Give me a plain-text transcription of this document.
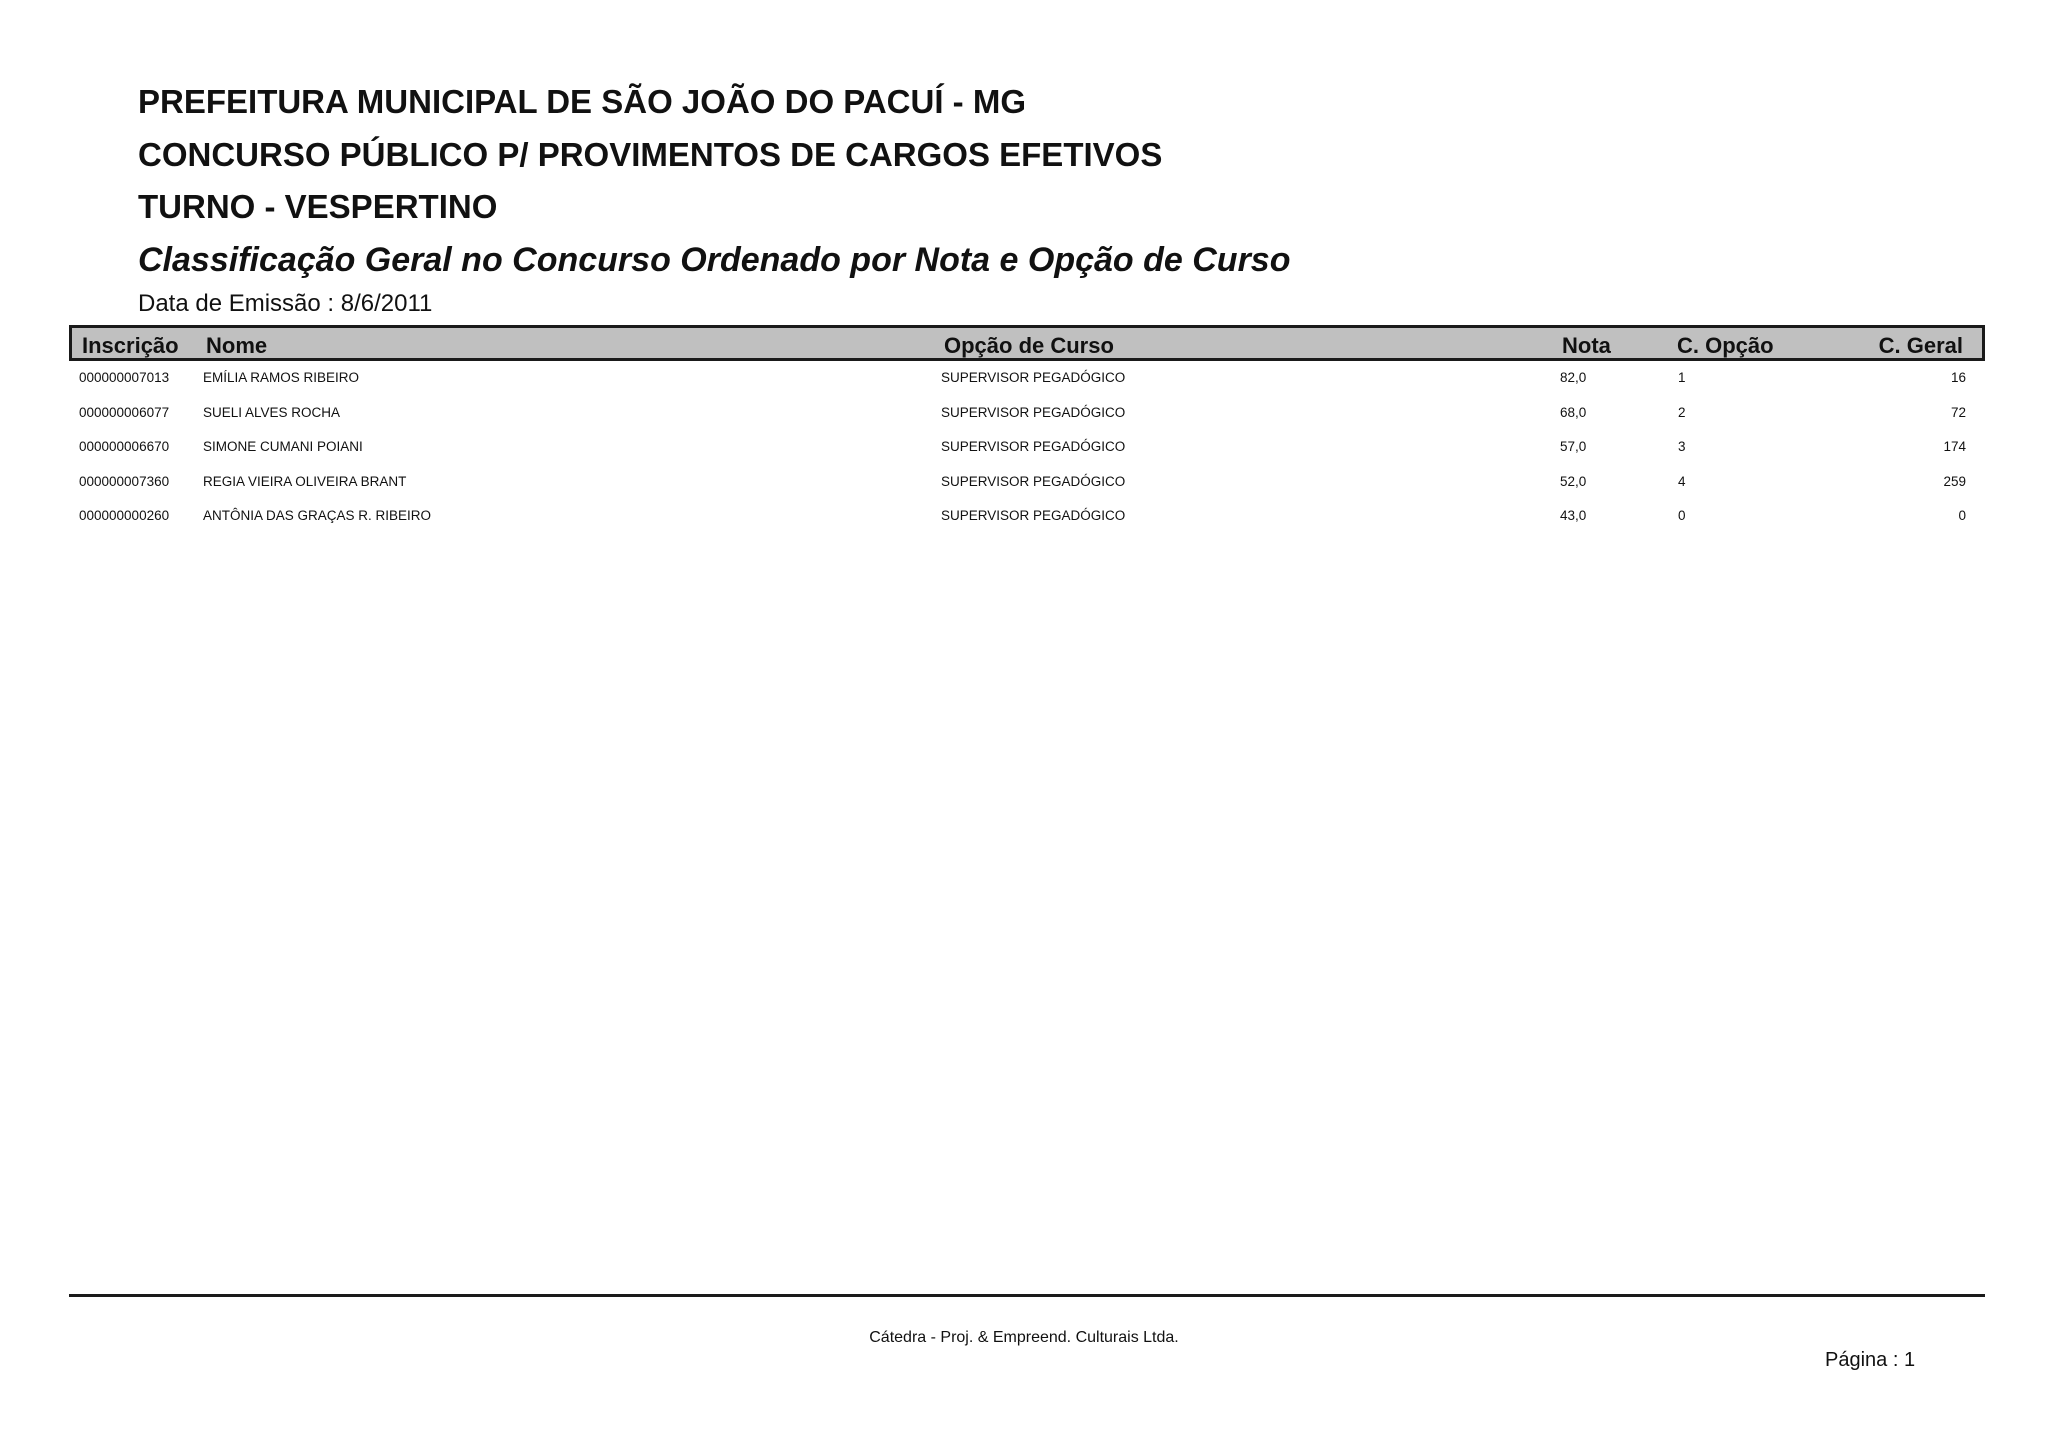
PREFEITURA MUNICIPAL DE SÃO JOÃO DO PACUÍ - MG
CONCURSO PÚBLICO P/ PROVIMENTOS DE CARGOS EFETIVOS
TURNO - VESPERTINO
Classificação Geral no Concurso Ordenado por Nota e Opção de Curso
Data de Emissão : 8/6/2011
Inscrição Nome	Opção de Curso	Nota	C. Opção	C. Geral
000000007013	EMÍLIA RAMOS RIBEIRO	SUPERVISOR PEGADÓGICO	82,0	1	16
000000006077	SUELI ALVES ROCHA	SUPERVISOR PEGADÓGICO	68,0	2	72
000000006670	SIMONE CUMANI POIANI	SUPERVISOR PEGADÓGICO	57,0	3	174
000000007360	REGIA VIEIRA OLIVEIRA BRANT	SUPERVISOR PEGADÓGICO	52,0	4	259
000000000260	ANTÔNIA DAS GRAÇAS R. RIBEIRO	SUPERVISOR PEGADÓGICO	43,0	0	0
Cátedra - Proj. & Empreend. Culturais Ltda.
Página : 1
